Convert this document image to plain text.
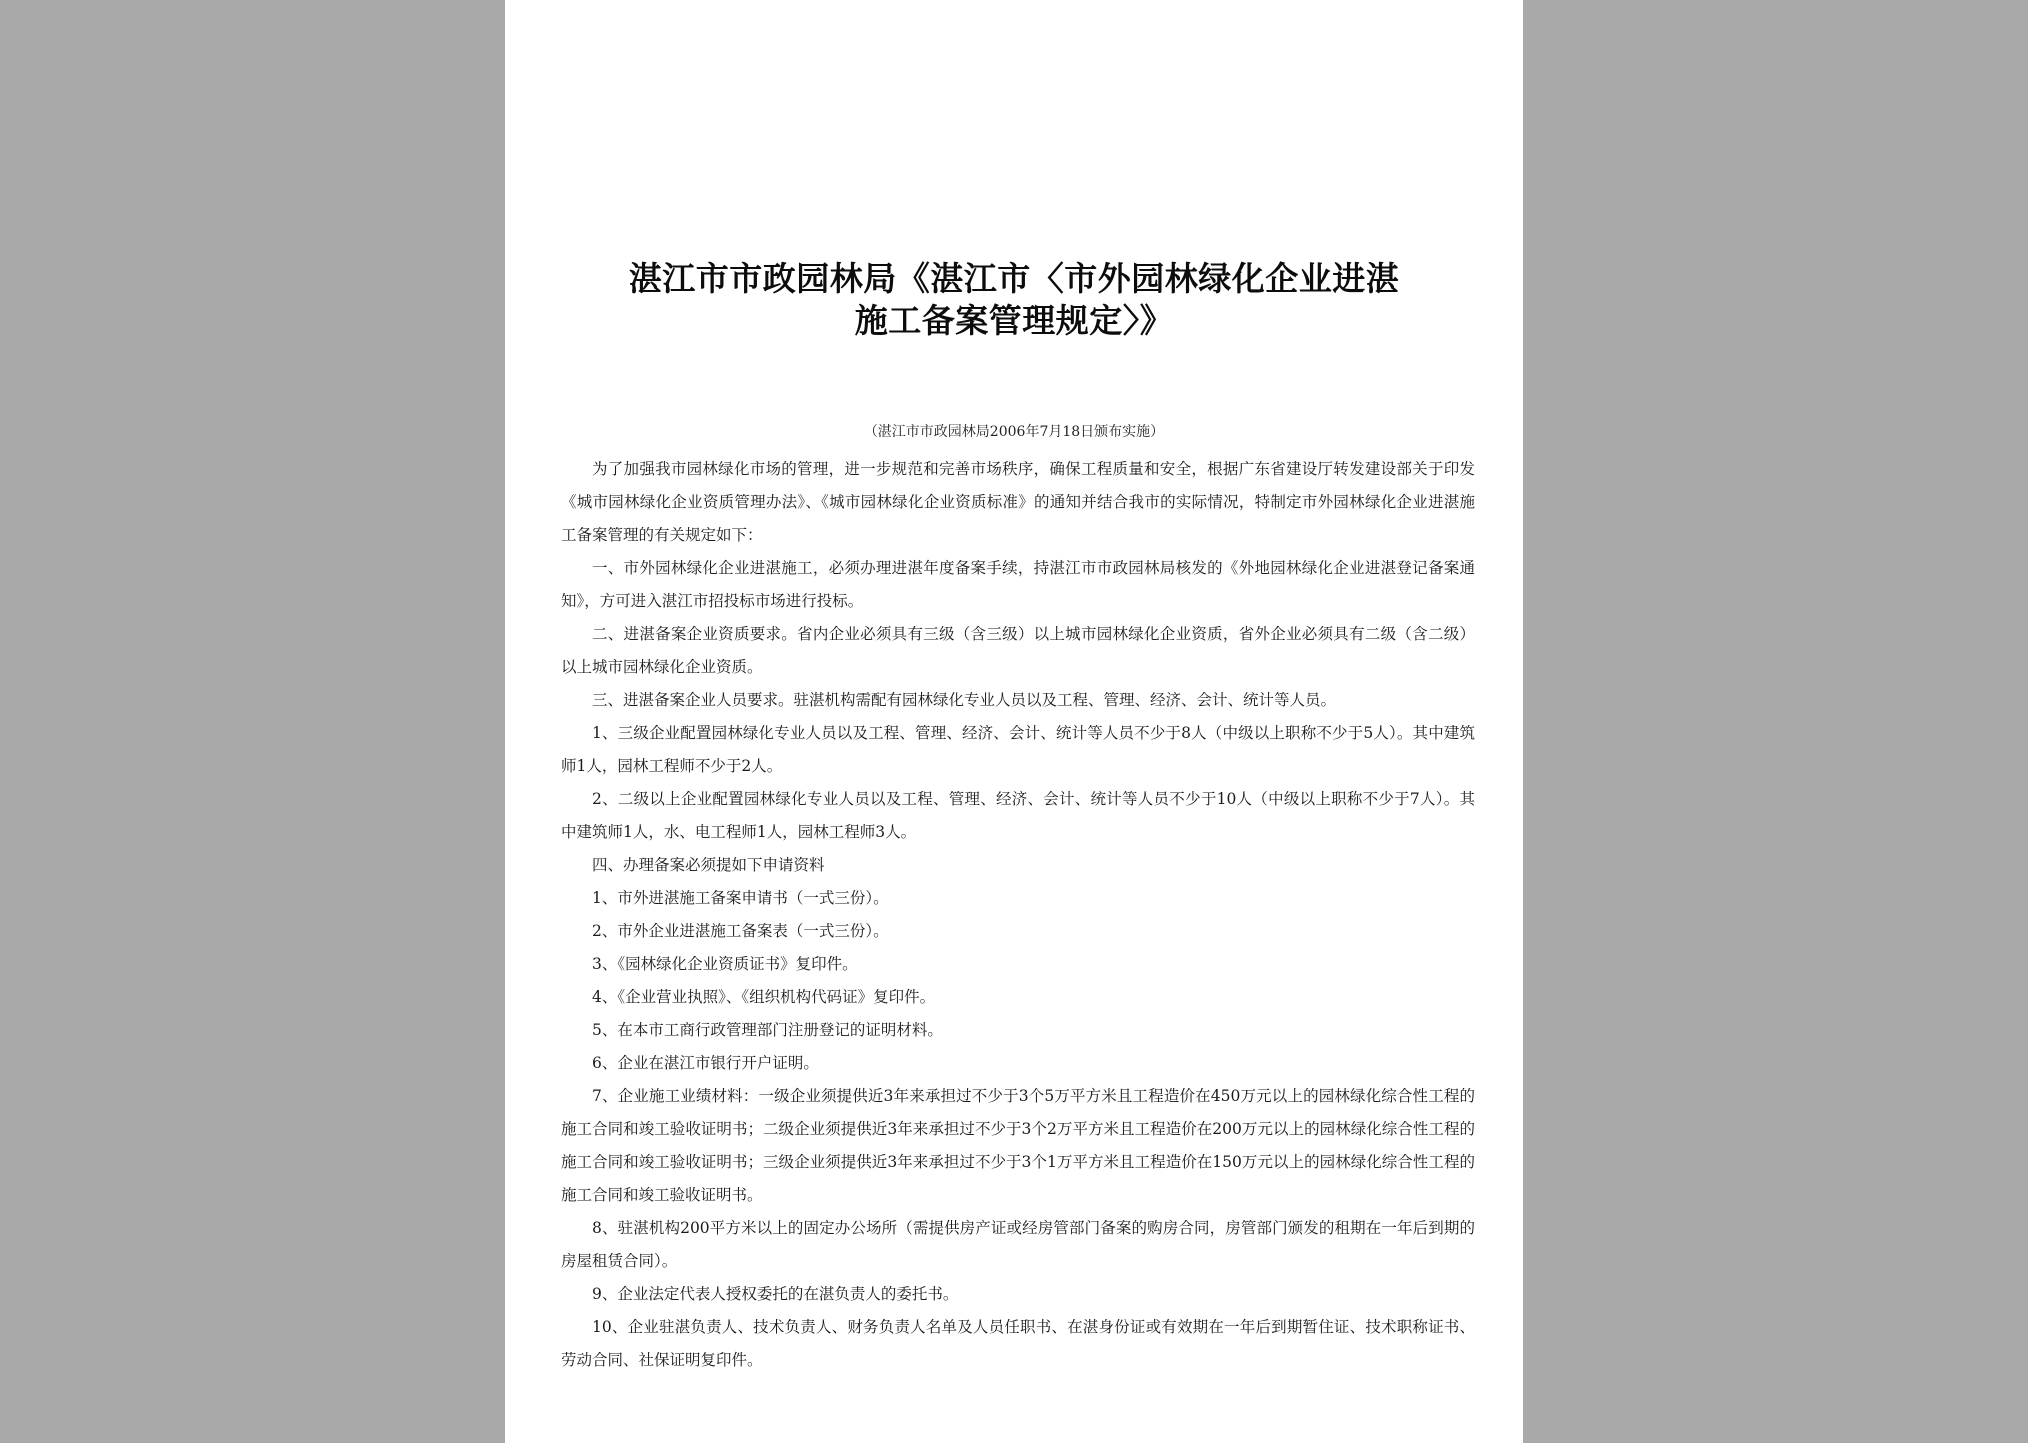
湛江市市政园林局《湛江市〈市外园林绿化企业进湛
施工备案管理规定〉》
（湛江市市政园林局2006年7月18日颁布实施）

为了加强我市园林绿化市场的管理，进一步规范和完善市场秩序，确保工程质量和安全，根据广东省建设厅转发建设部关于印发《城市园林绿化企业资质管理办法》、《城市园林绿化企业资质标准》的通知并结合我市的实际情况，特制定市外园林绿化企业进湛施工备案管理的有关规定如下：

一、市外园林绿化企业进湛施工，必须办理进湛年度备案手续，持湛江市市政园林局核发的《外地园林绿化企业进湛登记备案通知》，方可进入湛江市招投标市场进行投标。

二、进湛备案企业资质要求。省内企业必须具有三级（含三级）以上城市园林绿化企业资质，省外企业必须具有二级（含二级）以上城市园林绿化企业资质。

三、进湛备案企业人员要求。驻湛机构需配有园林绿化专业人员以及工程、管理、经济、会计、统计等人员。

1、三级企业配置园林绿化专业人员以及工程、管理、经济、会计、统计等人员不少于8人（中级以上职称不少于5人）。其中建筑师1人，园林工程师不少于2人。

2、二级以上企业配置园林绿化专业人员以及工程、管理、经济、会计、统计等人员不少于10人（中级以上职称不少于7人）。其中建筑师1人，水、电工程师1人，园林工程师3人。

四、办理备案必须提如下申请资料

1、市外进湛施工备案申请书（一式三份）。

2、市外企业进湛施工备案表（一式三份）。

3、《园林绿化企业资质证书》复印件。

4、《企业营业执照》、《组织机构代码证》复印件。

5、在本市工商行政管理部门注册登记的证明材料。

6、企业在湛江市银行开户证明。

7、企业施工业绩材料：一级企业须提供近3年来承担过不少于3个5万平方米且工程造价在450万元以上的园林绿化综合性工程的施工合同和竣工验收证明书；二级企业须提供近3年来承担过不少于3个2万平方米且工程造价在200万元以上的园林绿化综合性工程的施工合同和竣工验收证明书；三级企业须提供近3年来承担过不少于3个1万平方米且工程造价在150万元以上的园林绿化综合性工程的施工合同和竣工验收证明书。

8、驻湛机构200平方米以上的固定办公场所（需提供房产证或经房管部门备案的购房合同，房管部门颁发的租期在一年后到期的房屋租赁合同）。

9、企业法定代表人授权委托的在湛负责人的委托书。

10、企业驻湛负责人、技术负责人、财务负责人名单及人员任职书、在湛身份证或有效期在一年后到期暂住证、技术职称证书、劳动合同、社保证明复印件。
